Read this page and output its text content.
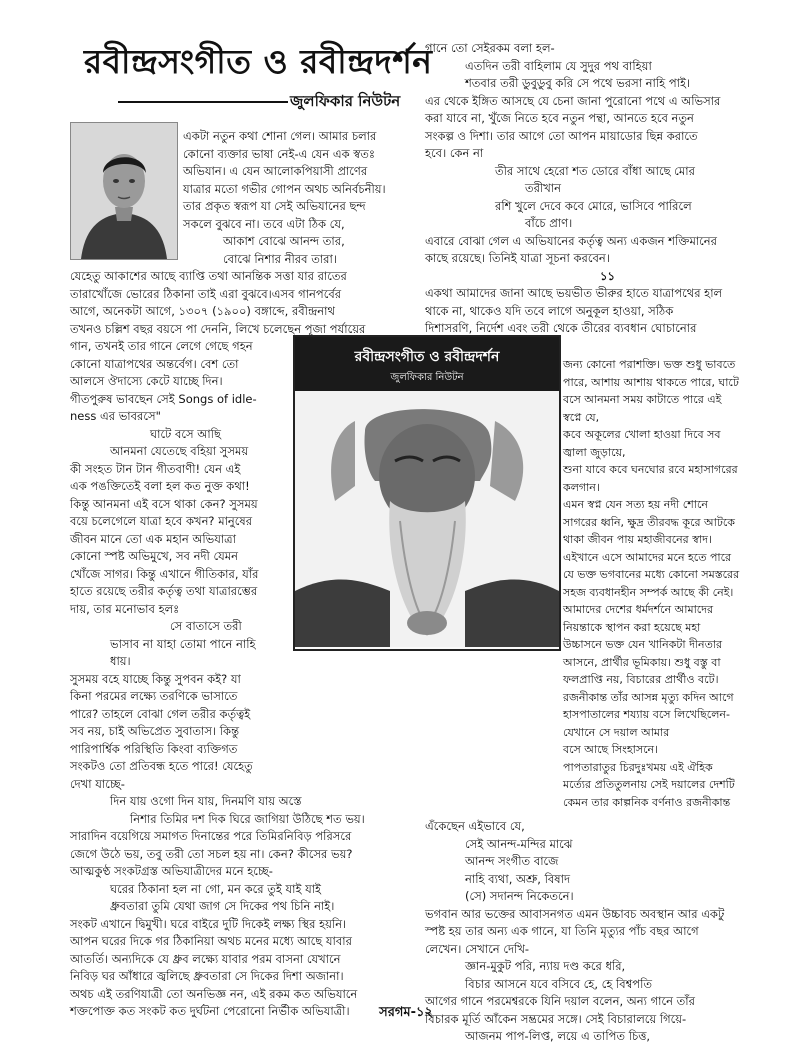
রবীন্দ্রসংগীত ও রবীন্দ্রদর্শন
জুলফিকার নিউটন

একটা নতুন কথা শোনা গেল। আমার চলার

কোনো ব্যক্তার ভাষা নেই-এ যেন এক স্বতঃ

অভিযান। এ যেন আলোকপিয়াসী প্রাণের

যাত্রার মতো গভীর গোপন অথচ অনির্বচনীয়।

তার প্রকৃত স্বরূপ যা সেই অভিযানের ছন্দ

সকলে বুঝবে না। তবে এটা ঠিক যে,

আকাশ বোঝে আনন্দ তার,

বোঝে নিশার নীরব তারা।

যেহেতু আকাশের আছে ব্যাপ্তি তথা আনন্তিক সত্তা যার রাতের

তারাখোঁজে ভোরের ঠিকানা তাই এরা বুঝবে।এসব গানপর্বের

আগে, অনেকটা আগে, ১৩০৭ (১৯০০) বঙ্গাব্দে, রবীন্দ্রনাথ

তখনও চল্লিশ বছর বয়সে পা দেননি, লিখে চলেছেন পূজা পর্যায়ের

গান, তখনই তার গানে লেগে গেছে গহন

কোনো যাত্রাপথের অন্তর্বেগ। বেশ তো

আলসে ঔদাস্যে কেটে যাচ্ছে দিন।

গীতপুরুষ ভাবছেন সেই Songs of idle-

ness এর ভাবরসে"

ঘাটে বসে আছি

আনমনা যেতেছে বহিয়া সুসময়

কী সংহত টান টান গীতবাণী! যেন এই

এক পঙক্তিতেই বলা হল কত নুক্ত কথা!

কিন্তু আনমনা এই বসে থাকা কেন? সুসময়

বয়ে চলেগেলে যাত্রা হবে কখন? মানুষের

জীবন মানে তো এক মহান অভিযাত্রা

কোনো স্পষ্ট অভিমুখে, সব নদী যেমন

খোঁজে সাগর। কিন্তু এখানে গীতিকার, যাঁর

হাতে রয়েছে তরীর কর্তৃত্ব তথা যাত্রারম্ভের

দায়, তার মনোভাব হলঃ

সে বাতাসে তরী

ভাসাব না যাহা তোমা পানে নাহি

ধায়।

সুসময় বহে যাচ্ছে কিন্তু সুপবন কই? যা

কিনা পরমের লক্ষ্যে তরণিকে ভাসাতে

পারে? তাহলে বোঝা গেল তরীর কর্তৃত্বই

সব নয়, চাই অভিপ্রেত সুবাতাস। কিন্তু

পারিপার্শ্বিক পরিস্থিতি কিংবা ব্যক্তিগত

সংকটও তো প্রতিবন্ধ হতে পারে! যেহেতু

দেখা যাচ্ছে-

দিন যায় ওগো দিন যায়, দিনমণি যায় অস্তে

নিশার তিমির দশ দিক ঘিরে জাগিয়া উঠিছে শত ভয়।

সারাদিন বয়েগিয়ে সমাগত দিনান্তের পরে তিমিরনিবিড় পরিসরে

জেগে উঠে ভয়, তবু তরী তো সচল হয় না। কেন? কীসের ভয়?

আত্মকুণ্ঠ সংকটগ্রস্ত অভিযাত্রীদের মনে হচ্ছে-

ঘরের ঠিকানা হল না গো, মন করে তুই যাই যাই

ধ্রুবতারা তুমি যেথা জাগ সে দিকের পথ চিনি নাই।

সংকট এখানে দ্বিমুখী। ঘরে বাইরে দুটি দিকেই লক্ষ্য স্থির হয়নি।

আপন ঘরের দিকে গর ঠিকানিয়া অথচ মনের মধ্যে আছে যাবার

আতর্তি। অন্যদিকে যে ধ্রুব লক্ষ্যে যাবার পরম বাসনা যেখানে

নিবিড় ঘর আঁধারে জ্বলিছে ধ্রুবতারা সে দিকের দিশা অজানা।

অথচ এই তরণিযাত্রী তো অনভিজ্ঞ নন, এই রকম কত অভিযানে

শক্তপোক্ত কত সংকট কত দুর্ঘটনা পেরোনো নির্ভীক অভিযাত্রী।

গানে তো সেইরকম বলা হল-

এতদিন তরী বাহিলাম যে সুদুর পথ বাহিয়া

শতবার তরী ডুবুডুবু করি সে পথে ভরসা নাহি পাই।

এর থেকে ইঙ্গিত আসছে যে চেনা জানা পুরোনো পথে এ অভিসার

করা যাবে না, খুঁজে নিতে হবে নতুন পন্থা, আনতে হবে নতুন

সংকল্প ও দিশা। তার আগে তো আপন মায়াডোর ছিন্ন করাতে

হবে। কেন না

তীর সাথে হেরো শত ডোরে বাঁধা আছে মোর

তরীখান

রশি খুলে দেবে কবে মোরে, ভাসিবে পারিলে

বাঁচে প্রাণ।

এবারে বোঝা গেল এ অভিযানের কর্তৃত্ব অন্য একজন শক্তিমানের

কাছে রয়েছে। তিনিই যাত্রা সূচনা করবেন।

১১

একথা আমাদের জানা আছে ভয়ভীত ভীরুর হাতে যাত্রাপথের হাল

থাকে না, থাকেও যদি তবে লাগে অনুকূল হাওয়া, সঠিক

দিশাসরণি, নির্দেশ এবং তরী থেকে তীরের ব্যবধান ঘোচানোর

জন্য কোনো পরাশক্তি। ভক্ত শুধু ভাবতে

পারে, আশায় আশায় থাকতে পারে, ঘাটে

বসে আনমনা সময় কাটাতে পারে এই

স্বপ্নে যে,

কবে অকূলের খোলা হাওয়া দিবে সব

জ্বালা জুড়ায়ে,

শুনা যাবে কবে ঘনঘোর রবে মহাসাগরের

কলগান।

এমন স্বপ্ন যেন সত্য হয় নদী শোনে

সাগরের ধ্বনি, ক্ষুদ্র তীরবদ্ধ কূরে আটকে

থাকা জীবন পায় মহাজীবনের স্বাদ।

এইখানে এসে আমাদের মনে হতে পারে

যে ভক্ত ভগবানের মধ্যে কোনো সমস্তরের

সহজ ব্যবধানহীন সম্পর্ক আছে কী নেই।

আমাদের দেশের ধর্মদর্শনে আমাদের

নিয়ন্তাকে স্থাপন করা হয়েছে মহা

উচ্চাসনে ভক্ত যেন খানিকটা দীনতার

আসনে, প্রার্থীর ভূমিকায়। শুধু বস্তু বা

ফলপ্রাপ্তি নয়, বিচারের প্রার্থীও বটে।

রজনীকান্ত তাঁর আসন্ন মৃত্যু কদিন আগে

হাসপাতালের শয্যায় বসে লিখেছিলেন-

যেখানে সে দয়াল আমার

বসে আছে সিংহাসনে।

পাপতারাতুর চিরদুঃখময় এই ঐহিক

মর্ত্যের প্রতিতুলনায় সেই দয়ালের দেশটি

কেমন তার কাল্পনিক বর্ণনাও রজনীকান্ত

রবীন্দ্রসংগীত ও রবীন্দ্রদর্শন
জুলফিকার নিউটন

এঁকেছেন এইভাবে যে,

সেই আনন্দ-মন্দির মাঝে

আনন্দ সংগীত বাজে

নাহি ব্যথা, অশ্রু, বিষাদ

(সে) সদানন্দ নিকেতনে।

ভগবান আর ভক্তের আবাসনগত এমন উচ্চাবচ অবস্থান আর একটু

স্পষ্ট হয় তার অন্য এক গানে, যা তিনি মৃত্যুর পাঁচ বছর আগে

লেখেন। সেখানে দেখি-

জ্ঞান-মুকুট পরি, ন্যায় দণ্ড করে ধরি,

বিচার আসনে যবে বসিবে হে, হে বিশ্বপতি

আগের গানে পরমেশ্বরকে যিনি দয়াল বলেন, অন্য গানে তাঁর

বিচারক মূর্তি আঁকেন সম্ভ্রমের সঙ্গে। সেই বিচারালয়ে গিয়ে-

আজনম পাপ-লিপ্ত, লয়ে এ তাপিত চিত্ত,

সরগম-১২
